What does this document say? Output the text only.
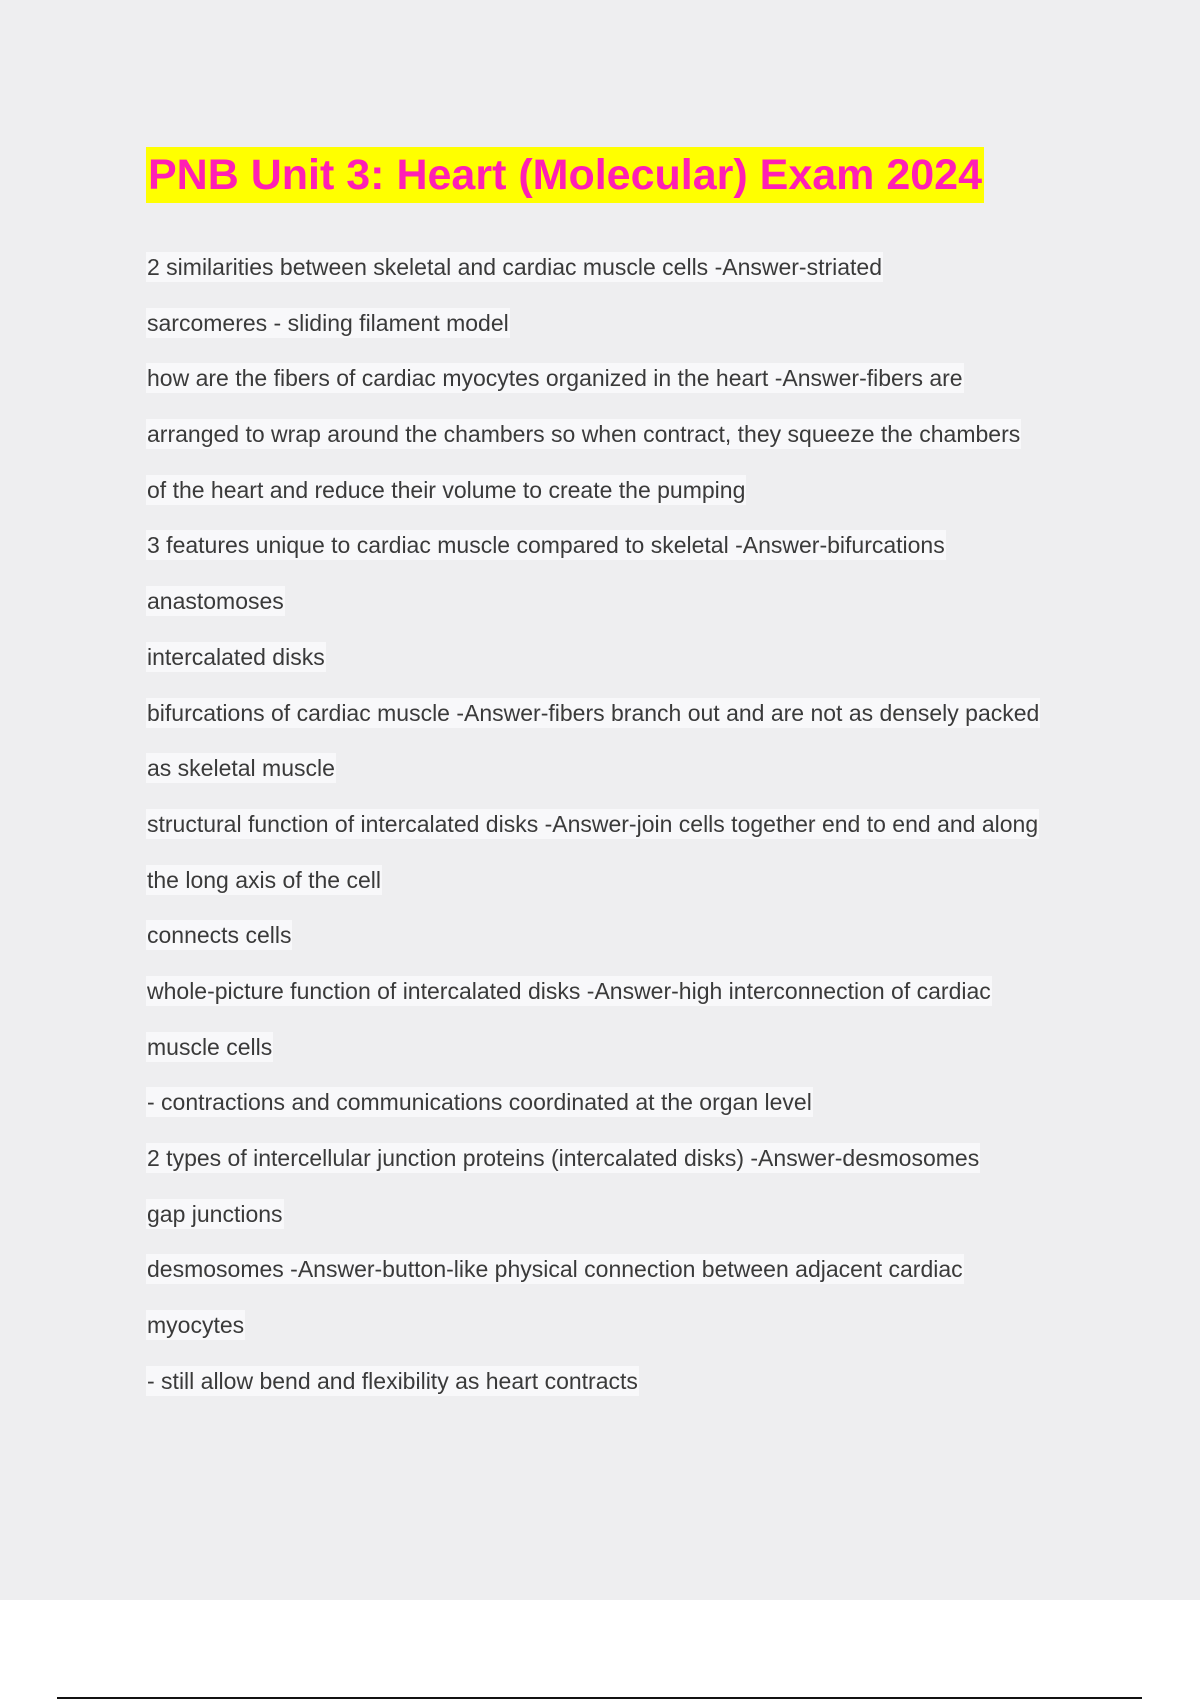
PNB Unit 3: Heart (Molecular) Exam 2024
2 similarities between skeletal and cardiac muscle cells -Answer-striated
sarcomeres - sliding filament model
how are the fibers of cardiac myocytes organized in the heart -Answer-fibers are
arranged to wrap around the chambers so when contract, they squeeze the chambers
of the heart and reduce their volume to create the pumping
3 features unique to cardiac muscle compared to skeletal -Answer-bifurcations
anastomoses
intercalated disks
bifurcations of cardiac muscle -Answer-fibers branch out and are not as densely packed
as skeletal muscle
structural function of intercalated disks -Answer-join cells together end to end and along
the long axis of the cell
connects cells
whole-picture function of intercalated disks -Answer-high interconnection of cardiac
muscle cells
- contractions and communications coordinated at the organ level
2 types of intercellular junction proteins (intercalated disks) -Answer-desmosomes
gap junctions
desmosomes -Answer-button-like physical connection between adjacent cardiac
myocytes
- still allow bend and flexibility as heart contracts
